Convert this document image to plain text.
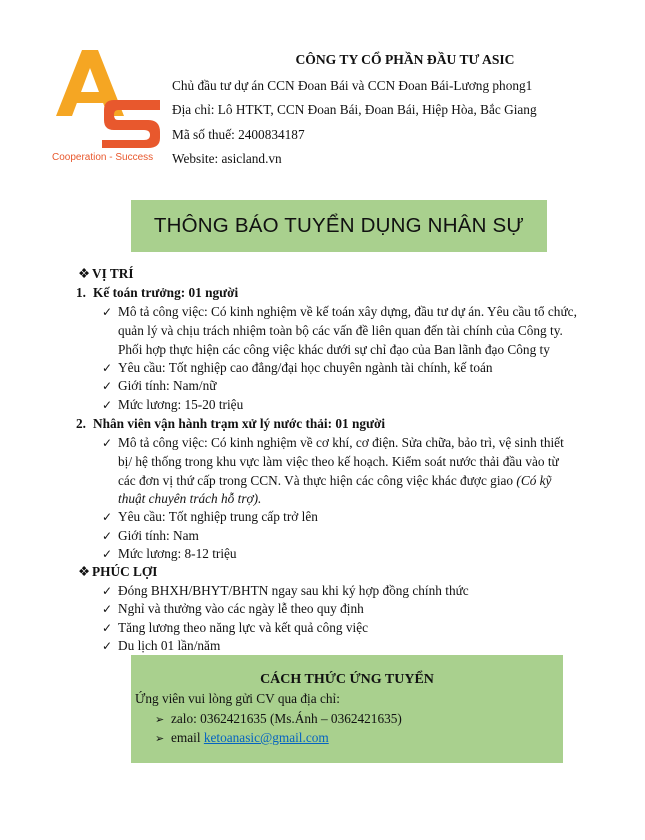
Cooperation - Success
CÔNG TY CỔ PHẦN ĐẦU TƯ ASIC
Chủ đầu tư dự án CCN Đoan Bái và CCN Đoan Bái-Lương phong1
Địa chỉ: Lô HTKT, CCN Đoan Bái, Đoan Bái, Hiệp Hòa, Bắc Giang
Mã số thuế: 2400834187
Website: asicland.vn
THÔNG BÁO TUYỂN DỤNG NHÂN SỰ
❖ VỊ TRÍ
1. Kế toán trưởng: 01 người
✓ Mô tả công việc: Có kinh nghiệm về kế toán xây dựng, đầu tư dự án. Yêu cầu tổ chức,
quản lý và chịu trách nhiệm toàn bộ các vấn đề liên quan đến tài chính của Công ty.
Phối hợp thực hiện các công việc khác dưới sự chỉ đạo của Ban lãnh đạo Công ty
✓ Yêu cầu: Tốt nghiệp cao đẳng/đại học chuyên ngành tài chính, kế toán
✓ Giới tính: Nam/nữ
✓ Mức lương: 15-20 triệu
2. Nhân viên vận hành trạm xử lý nước thải: 01 người
✓ Mô tả công việc: Có kinh nghiệm về cơ khí, cơ điện. Sửa chữa, bảo trì, vệ sinh thiết
bị/ hệ thống trong khu vực làm việc theo kế hoạch. Kiểm soát nước thải đầu vào từ
các đơn vị thứ cấp trong CCN. Và thực hiện các công việc khác được giao (Có kỹ
thuật chuyên trách hỗ trợ).
✓ Yêu cầu: Tốt nghiệp trung cấp trở lên
✓ Giới tính: Nam
✓ Mức lương: 8-12 triệu
❖ PHÚC LỢI
✓ Đóng BHXH/BHYT/BHTN ngay sau khi ký hợp đồng chính thức
✓ Nghỉ và thưởng vào các ngày lễ theo quy định
✓ Tăng lương theo năng lực và kết quả công việc
✓ Du lịch 01 lần/năm
CÁCH THỨC ỨNG TUYỂN
Ứng viên vui lòng gửi CV qua địa chỉ:
➢ zalo: 0362421635 (Ms.Ánh – 0362421635)
➢ email ketoanasic@gmail.com
